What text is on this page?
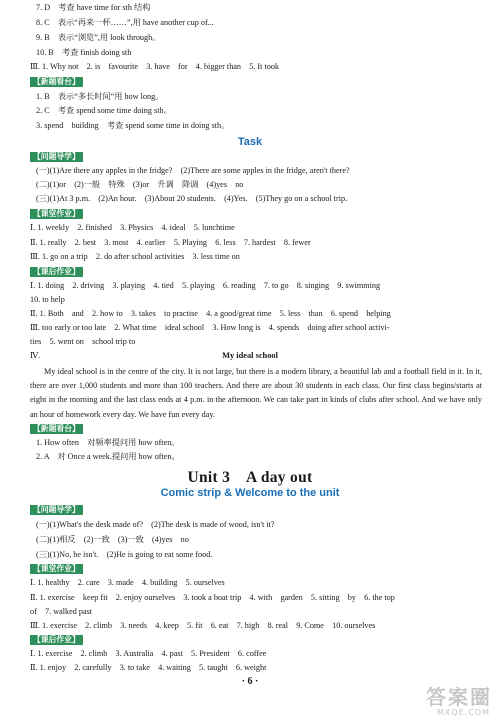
7. D　考查 have time for sth 结构
8. C　表示“再来一杯……”,用 have another cup of...
9. B　表示“浏览”,用 look through。
10. B　考查 finish doing sth
Ⅲ. 1. Why not　2. is　favourite　3. have　for　4. bigger than　5. It took
【新题看台】
1. B　表示“多长时间”用 how long。
2. C　考查 spend some time doing sth。
3. spend　building　考查 spend some time in doing sth。
Task
【问题导学】
(一)(1)Are there any apples in the fridge?　(2)There are some apples in the fridge, aren't there?
(二)(1)or　(2)一般　特殊　(3)or　升调　降调　(4)yes　no
(三)(1)At 3 p.m.　(2)An hour.　(3)About 20 students.　(4)Yes.　(5)They go on a school trip.
【课堂作业】
Ⅰ. 1. weekly　2. finished　3. Physics　4. ideal　5. lunchtime
Ⅱ. 1. really　2. best　3. most　4. earlier　5. Playing　6. less　7. hardest　8. fewer
Ⅲ. 1. go on a trip　2. do after school activities　3. less time on
【课后作业】
Ⅰ. 1. doing　2. driving　3. playing　4. tied　5. playing　6. reading　7. to go　8. singing　9. swimming
10. to help
Ⅱ. 1. Both　and　2. how to　3. takes　to practise　4. a good/great time　5. less　than　6. spend　helping
Ⅲ. too early or too late　2. What time　ideal school　3. How long is　4. spends　doing after school activi-
ties　5. went on　school trip to
Ⅳ.	My ideal school
My ideal school is in the centre of the city. It is not large, but there is a modern library, a beautiful lab and a football field in it. In it, there are over 1,000 students and more than 100 teachers. And there are about 30 students in each class. Our first class begins/starts at eight in the morning and the last class ends at 4 p.m. in the afternoon. We can take part in kinds of clubs after school. And we have only an hour of homework every day. We have fun every day.
【新题看台】
1. How often　对频率提问用 how often。
2. A　对 Once a week.提问用 how often。
Unit 3　A day out
Comic strip & Welcome to the unit
【问题导学】
(一)(1)What's the desk made of?　(2)The desk is made of wood, isn't it?
(二)(1)相反　(2)一致　(3)一致　(4)yes　no
(三)(1)No, he isn't.　(2)He is going to eat some food.
【课堂作业】
Ⅰ. 1. healthy　2. care　3. made　4. building　5. ourselves
Ⅱ. 1. exercise　keep fit　2. enjoy ourselves　3. took a boat trip　4. with　garden　5. sitting　by　6. the top
of　7. walked past
Ⅲ. 1. exercise　2. climb　3. needs　4. keep　5. fit　6. eat　7. high　8. real　9. Come　10. ourselves
【课后作业】
Ⅰ. 1. exercise　2. climb　3. Australia　4. past　5. President　6. coffee
Ⅱ. 1. enjoy　2. carefully　3. to take　4. waiting　5. taught　6. weight
· 6 ·
答案圈
MXQE.COM
